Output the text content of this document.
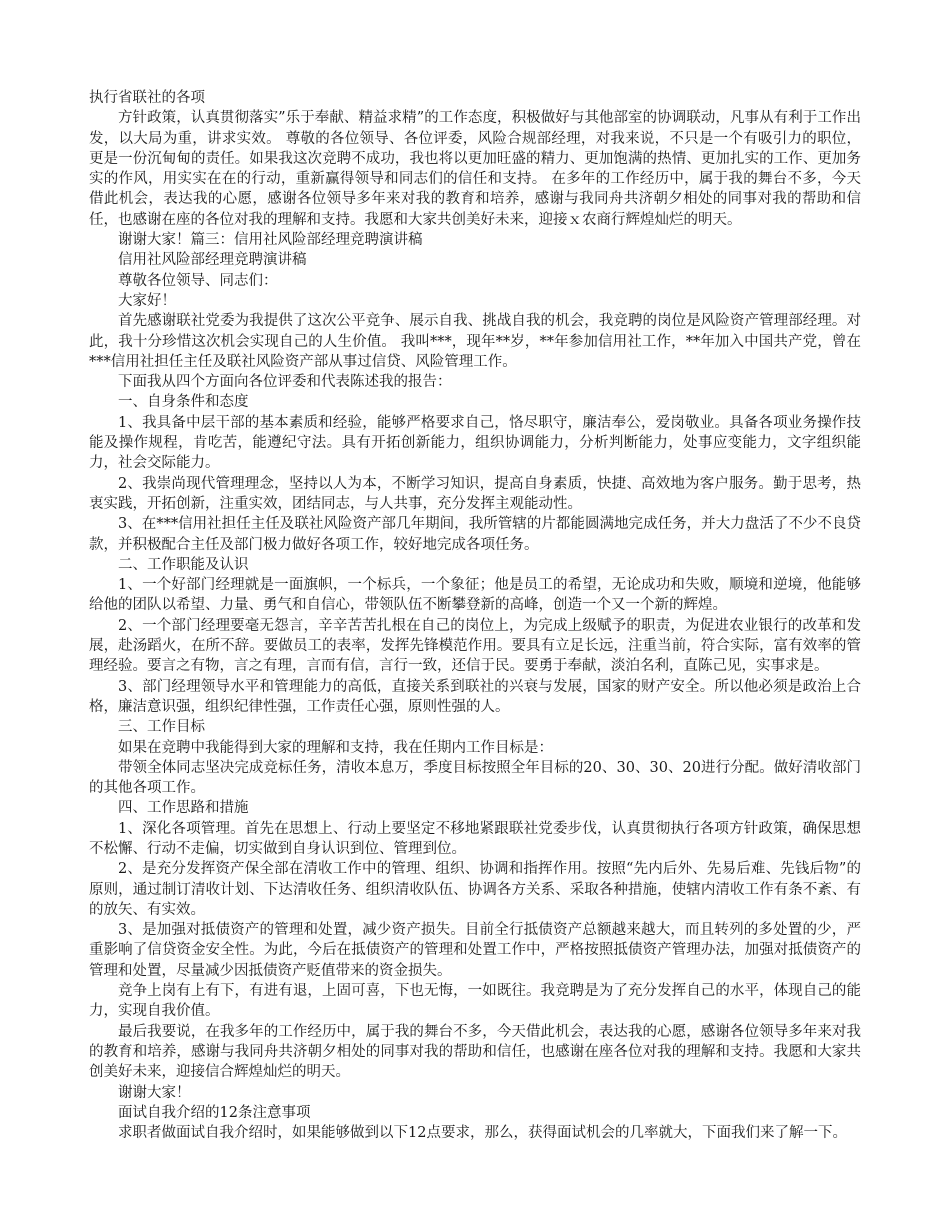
执行省联社的各项

方针政策，认真贯彻落实”乐于奉献、精益求精”的工作态度，积极做好与其他部室的协调联动，凡事从有利于工作出发，以大局为重，讲求实效。 尊敬的各位领导、各位评委，风险合规部经理，对我来说，不只是一个有吸引力的职位，更是一份沉甸甸的责任。如果我这次竞聘不成功，我也将以更加旺盛的精力、更加饱满的热情、更加扎实的工作、更加务实的作风，用实实在在的行动，重新赢得领导和同志们的信任和支持。 在多年的工作经历中，属于我的舞台不多，今天借此机会，表达我的心愿，感谢各位领导多年来对我的教育和培养，感谢与我同舟共济朝夕相处的同事对我的帮助和信任，也感谢在座的各位对我的理解和支持。我愿和大家共创美好未来，迎接ｘ农商行辉煌灿烂的明天。

谢谢大家！篇三：信用社风险部经理竞聘演讲稿

信用社风险部经理竞聘演讲稿

尊敬各位领导、同志们：

大家好！

首先感谢联社党委为我提供了这次公平竞争、展示自我、挑战自我的机会，我竞聘的岗位是风险资产管理部经理。对此，我十分珍惜这次机会实现自己的人生价值。 我叫***，现年**岁，**年参加信用社工作，**年加入中国共产党，曾在***信用社担任主任及联社风险资产部从事过信贷、风险管理工作。

下面我从四个方面向各位评委和代表陈述我的报告：

一、自身条件和态度

1、我具备中层干部的基本素质和经验，能够严格要求自己，恪尽职守，廉洁奉公，爱岗敬业。具备各项业务操作技能及操作规程，肯吃苦，能遵纪守法。具有开拓创新能力，组织协调能力，分析判断能力，处事应变能力，文字组织能力，社会交际能力。

2、我崇尚现代管理理念，坚持以人为本，不断学习知识，提高自身素质，快捷、高效地为客户服务。勤于思考，热衷实践，开拓创新，注重实效，团结同志，与人共事，充分发挥主观能动性。

3、在***信用社担任主任及联社风险资产部几年期间，我所管辖的片都能圆满地完成任务，并大力盘活了不少不良贷款，并积极配合主任及部门极力做好各项工作，较好地完成各项任务。

二、工作职能及认识

1、一个好部门经理就是一面旗帜，一个标兵，一个象征；他是员工的希望，无论成功和失败，顺境和逆境，他能够给他的团队以希望、力量、勇气和自信心，带领队伍不断攀登新的高峰，创造一个又一个新的辉煌。

2、一个部门经理要毫无怨言，辛辛苦苦扎根在自己的岗位上，为完成上级赋予的职责，为促进农业银行的改革和发展，赴汤蹈火，在所不辞。要做员工的表率，发挥先锋模范作用。要具有立足长远，注重当前，符合实际，富有效率的管理经验。要言之有物，言之有理，言而有信，言行一致，还信于民。要勇于奉献，淡泊名利，直陈己见，实事求是。

3、部门经理领导水平和管理能力的高低，直接关系到联社的兴衰与发展，国家的财产安全。所以他必须是政治上合格，廉洁意识强，组织纪律性强，工作责任心强，原则性强的人。

三、工作目标

如果在竞聘中我能得到大家的理解和支持，我在任期内工作目标是：

带领全体同志坚决完成竞标任务，清收本息万，季度目标按照全年目标的20、30、30、20进行分配。做好清收部门的其他各项工作。

四、工作思路和措施

1、深化各项管理。首先在思想上、行动上要坚定不移地紧跟联社党委步伐，认真贯彻执行各项方针政策，确保思想不松懈、行动不走偏，切实做到自身认识到位、管理到位。

2、是充分发挥资产保全部在清收工作中的管理、组织、协调和指挥作用。按照“先内后外、先易后难、先钱后物”的原则，通过制订清收计划、下达清收任务、组织清收队伍、协调各方关系、采取各种措施，使辖内清收工作有条不紊、有的放矢、有实效。

3、是加强对抵债资产的管理和处置，减少资产损失。目前全行抵债资产总额越来越大，而且转列的多处置的少，严重影响了信贷资金安全性。为此，今后在抵债资产的管理和处置工作中，严格按照抵债资产管理办法，加强对抵债资产的管理和处置，尽量减少因抵债资产贬值带来的资金损失。

竞争上岗有上有下，有进有退，上固可喜，下也无悔，一如既往。我竞聘是为了充分发挥自己的水平，体现自己的能力，实现自我价值。

最后我要说，在我多年的工作经历中，属于我的舞台不多，今天借此机会，表达我的心愿，感谢各位领导多年来对我的教育和培养，感谢与我同舟共济朝夕相处的同事对我的帮助和信任，也感谢在座各位对我的理解和支持。我愿和大家共创美好未来，迎接信合辉煌灿烂的明天。

谢谢大家！

面试自我介绍的12条注意事项

求职者做面试自我介绍时，如果能够做到以下12点要求，那么，获得面试机会的几率就大，下面我们来了解一下。
